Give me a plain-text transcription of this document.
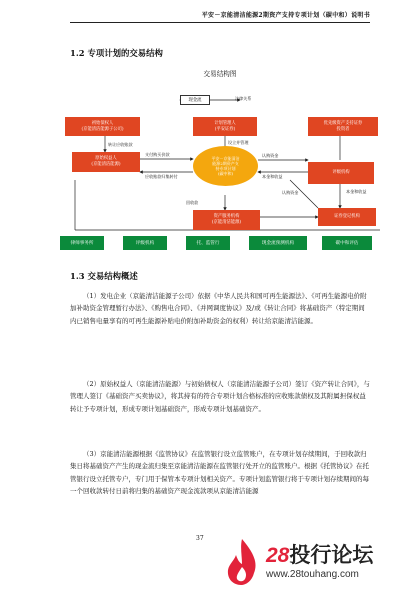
平安－京能清洁能源2期资产支持专项计划（碳中和）说明书
1.2 专项计划的交易结构
交易结构图
现金流	法律关系
初始债权人
(京能清洁能源子公司)
转让应收账款
原始权益人
(京能清洁能源)
计划管理人
(平安证券)
设立并管理
优先级资产支持证券
投资者
平安－京能清洁
能源2期资产支
持专项计划
(碳中和)
支付购买价款
应收账款归集转付
认购资金
本金和收益
评级机构
回收款
认购资金	本金和收益
资产服务机构
(京能清洁能源)
证券登记机构
律师事务所	评级机构	托、监管行	现金流预测机构	碳中和评估
1.3 交易结构概述

（1）发电企业（京能清洁能源子公司）依据《中华人民共和国可再生能源法》、《可再生能源电价附加补助资金管理暂行办法》、《购售电合同》、《并网调度协议》及/或《转让合同》将基础资产（特定期间内已销售电量享有的可再生能源补贴电价附加补助资金的权利）转让给京能清洁能源。

（2）原始权益人（京能清洁能源）与初始债权人（京能清洁能源子公司）签订《资产转让合同》，与管理人签订《基础资产买卖协议》，将其持有的符合专项计划合格标准的应收账款债权及其附属担保权益转让予专项计划，形成专项计划基础资产，形成专项计划基础资产。

（3）京能清洁能源根据《监管协议》在监管银行设立监管账户，在专项计划存续期间，于回收款归集日将基础资产产生的现金流归集至京能清洁能源在监管银行处开立的监管账户。根据《托管协议》在托管银行设立托管专户，专门用于保管本专项计划相关资产。专项计划监管银行将于专项计划存续期间的每一个回收款转付日前将归集的基础资产现金流款项从京能清洁能源

37
28投行论坛
www.28touhang.com
